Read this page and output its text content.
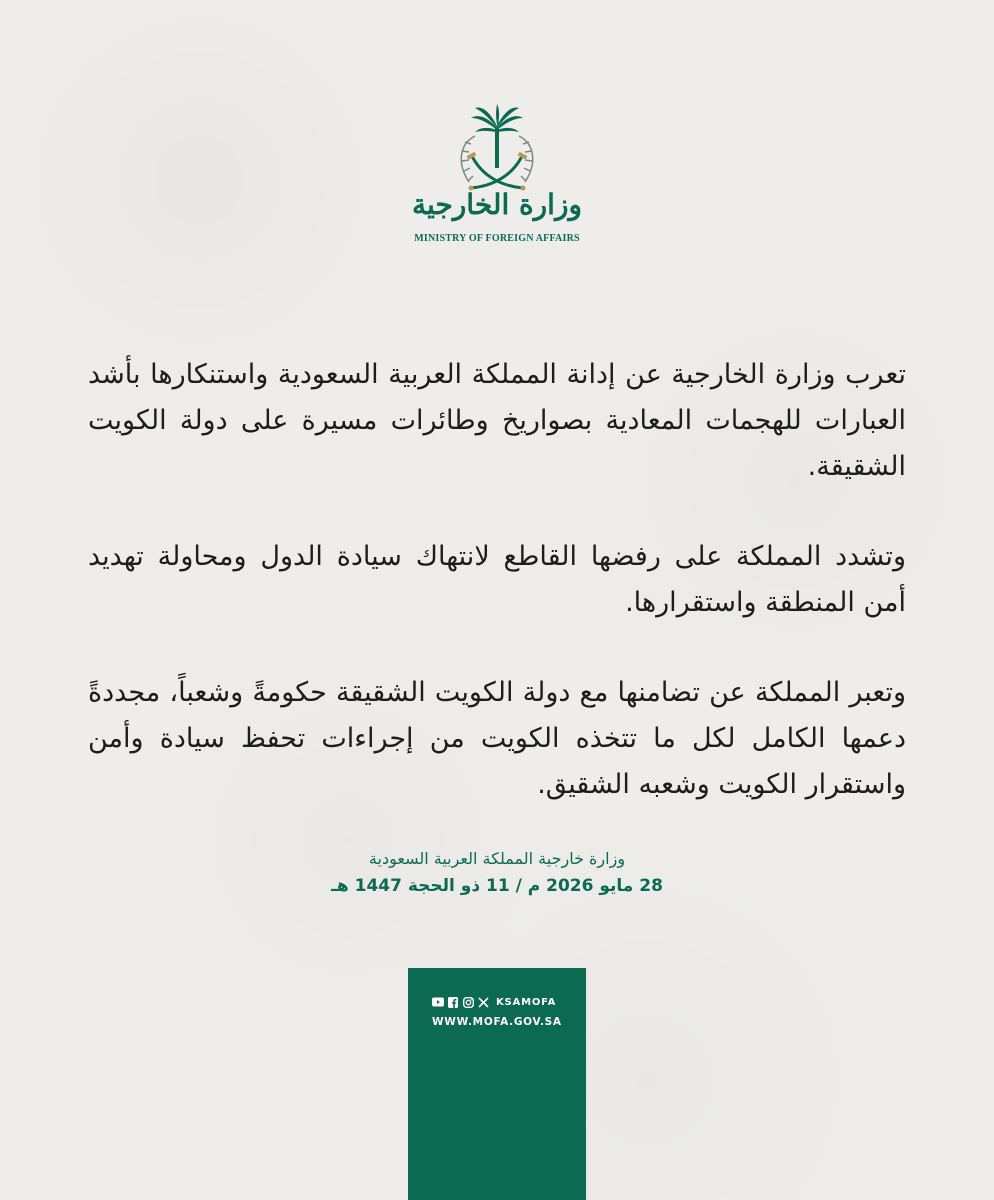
وزارة الخارجية
MINISTRY OF FOREIGN AFFAIRS

تعرب وزارة الخارجية عن إدانة المملكة العربية السعودية واستنكارها بأشد العبارات للهجمات المعادية بصواريخ وطائرات مسيرة على دولة الكويت الشقيقة.

وتشدد المملكة على رفضها القاطع لانتهاك سيادة الدول ومحاولة تهديد أمن المنطقة واستقرارها.

وتعبر المملكة عن تضامنها مع دولة الكويت الشقيقة حكومةً وشعباً، مجددةً دعمها الكامل لكل ما تتخذه الكويت من إجراءات تحفظ سيادة وأمن واستقرار الكويت وشعبه الشقيق.

وزارة خارجية المملكة العربية السعودية
28 مايو 2026 م / 11 ذو الحجة 1447 هـ
KSAMOFA
WWW.MOFA.GOV.SA
